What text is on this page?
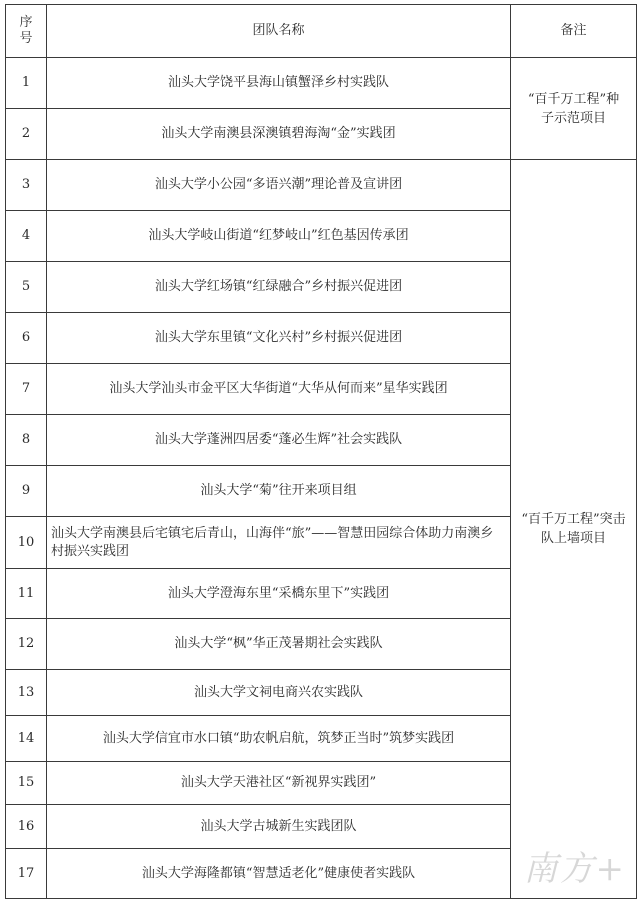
序号	团队名称	备注
1	汕头大学饶平县海山镇蟹泽乡村实践队	“百千万工程”种子示范项目

2	汕头大学南澳县深澳镇碧海淘“金”实践团	
3	汕头大学小公园“多语兴潮”理论普及宣讲团	“百千万工程”突击队上墙项目

4	汕头大学岐山街道“红梦岐山”红色基因传承团	
5	汕头大学红场镇“红绿融合”乡村振兴促进团	
6	汕头大学东里镇“文化兴村”乡村振兴促进团	
7	汕头大学汕头市金平区大华街道“大华从何而来”星华实践团	
8	汕头大学蓬洲四居委“蓬必生辉”社会实践队	
9	汕头大学“菊”往开来项目组	
10	汕头大学南澳县后宅镇宅后青山，山海伴“旅”——智慧田园综合体助力南澳乡村振兴实践团	
11	汕头大学澄海东里“采橋东里下”实践团	
12	汕头大学“枫”华正茂暑期社会实践队	
13	汕头大学文祠电商兴农实践队	
14	汕头大学信宜市水口镇“助农帆启航，筑梦正当时”筑梦实践团	
15	汕头大学天港社区“新视界实践团”	
16	汕头大学古城新生实践团队	
17	汕头大学海隆都镇“智慧适老化”健康使者实践队		南方+
